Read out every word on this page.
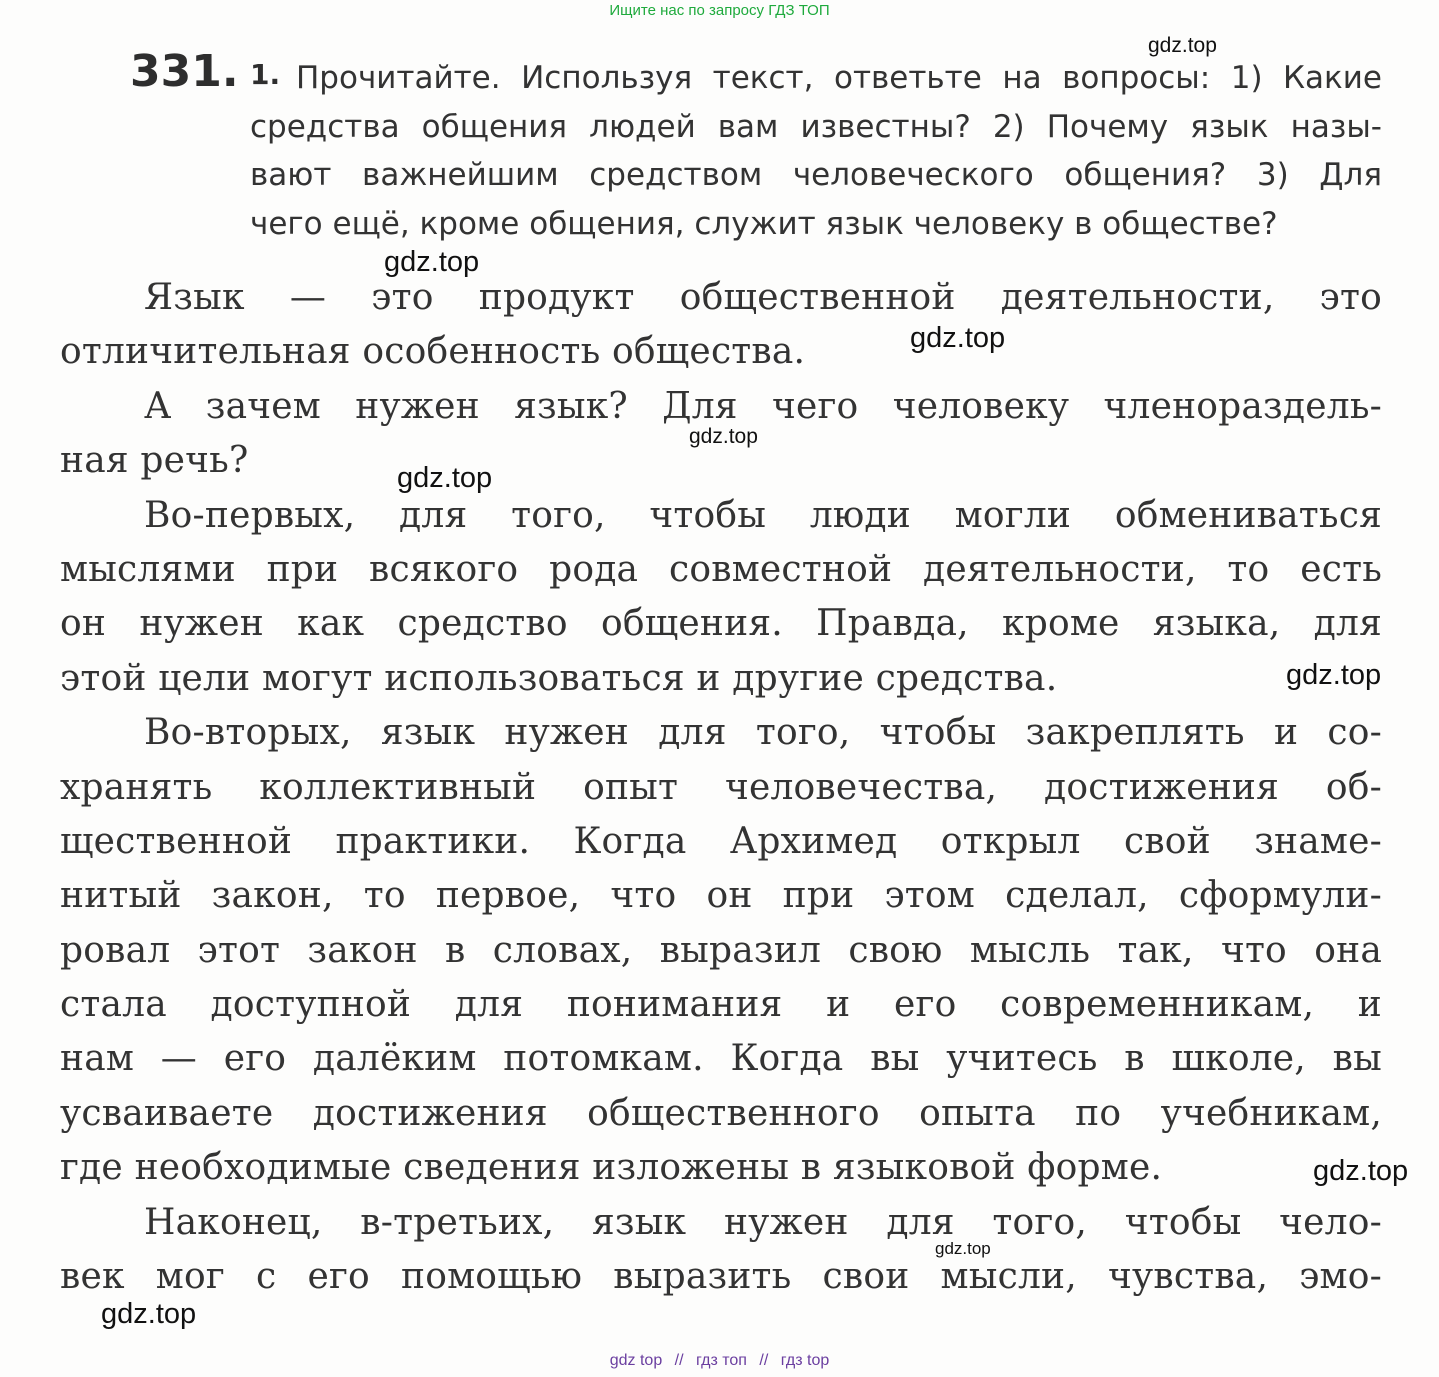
Ищите нас по запросу ГДЗ ТОП
331. 1. Прочитайте. Используя текст, ответьте на вопросы: 1) Какие
средства общения людей вам известны? 2) Почему язык назы-
вают важнейшим средством человеческого общения? 3) Для
чего ещё, кроме общения, служит язык человеку в обществе?
Язык — это продукт общественной деятельности, это
отличительная особенность общества.
А зачем нужен язык? Для чего человеку членораздель-
ная речь?
Во-первых, для того, чтобы люди могли обмениваться
мыслями при всякого рода совместной деятельности, то есть
он нужен как средство общения. Правда, кроме языка, для
этой цели могут использоваться и другие средства.
Во-вторых, язык нужен для того, чтобы закреплять и со-
хранять коллективный опыт человечества, достижения об-
щественной практики. Когда Архимед открыл свой знаме-
нитый закон, то первое, что он при этом сделал, сформули-
ровал этот закон в словах, выразил свою мысль так, что она
стала доступной для понимания и его современникам, и
нам — его далёким потомкам. Когда вы учитесь в школе, вы
усваиваете достижения общественного опыта по учебникам,
где необходимые сведения изложены в языковой форме.
Наконец, в-третьих, язык нужен для того, чтобы чело-
век мог с его помощью выразить свои мысли, чувства, эмо-
gdz.top
gdz.top
gdz.top
gdz.top
gdz.top
gdz.top
gdz.top
gdz.top
gdz.top
gdz top // гдз топ // гдз top
